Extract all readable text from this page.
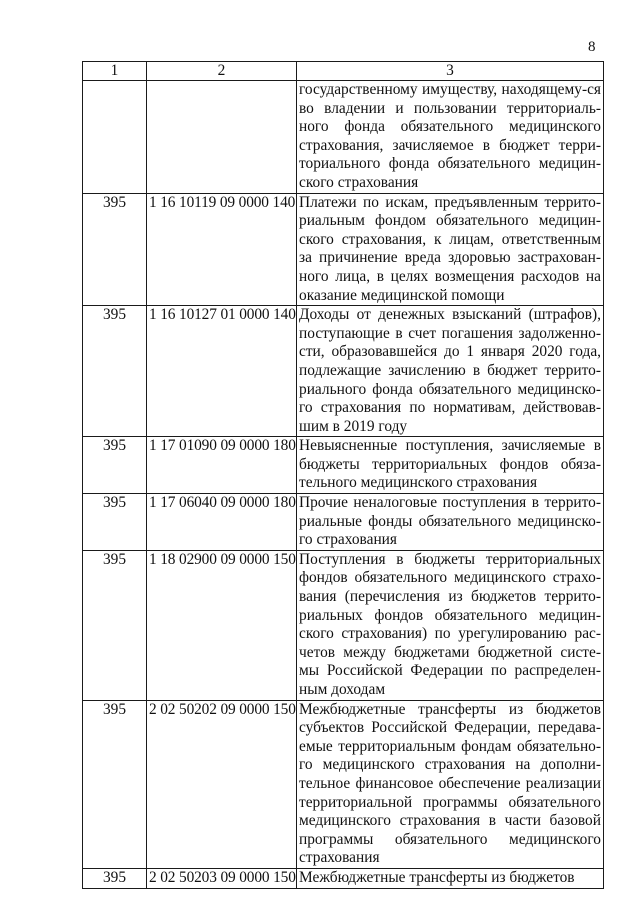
8
1	2	3
		государственному имуществу, находящему-ся во владении и пользовании территориаль-ного фонда обязательного медицинского страхования, зачисляемое в бюджет терри-ториального фонда обязательного медицин-ского страхования
395	1 16 10119 09 0000 140	Платежи по искам, предъявленным террито-риальным фондом обязательного медицин-ского страхования, к лицам, ответственным за причинение вреда здоровью застрахован-ного лица, в целях возмещения расходов на оказание медицинской помощи
395	1 16 10127 01 0000 140	Доходы от денежных взысканий (штрафов), поступающие в счет погашения задолженно-сти, образовавшейся до 1 января 2020 года, подлежащие зачислению в бюджет террито-риального фонда обязательного медицинско-го страхования по нормативам, действовав-шим в 2019 году
395	1 17 01090 09 0000 180	Невыясненные поступления, зачисляемые в бюджеты территориальных фондов обяза-тельного медицинского страхования
395	1 17 06040 09 0000 180	Прочие неналоговые поступления в террито-риальные фонды обязательного медицинско-го страхования
395	1 18 02900 09 0000 150	Поступления в бюджеты территориальных фондов обязательного медицинского страхо-вания (перечисления из бюджетов террито-риальных фондов обязательного медицин-ского страхования) по урегулированию рас-четов между бюджетами бюджетной систе-мы Российской Федерации по распределен-ным доходам
395	2 02 50202 09 0000 150	Межбюджетные трансферты из бюджетов субъектов Российской Федерации, передава-емые территориальным фондам обязательно-го медицинского страхования на дополни-тельное финансовое обеспечение реализации территориальной программы обязательного медицинского страхования в части базовой программы обязательного медицинского страхования
395	2 02 50203 09 0000 150	Межбюджетные трансферты из бюджетов
